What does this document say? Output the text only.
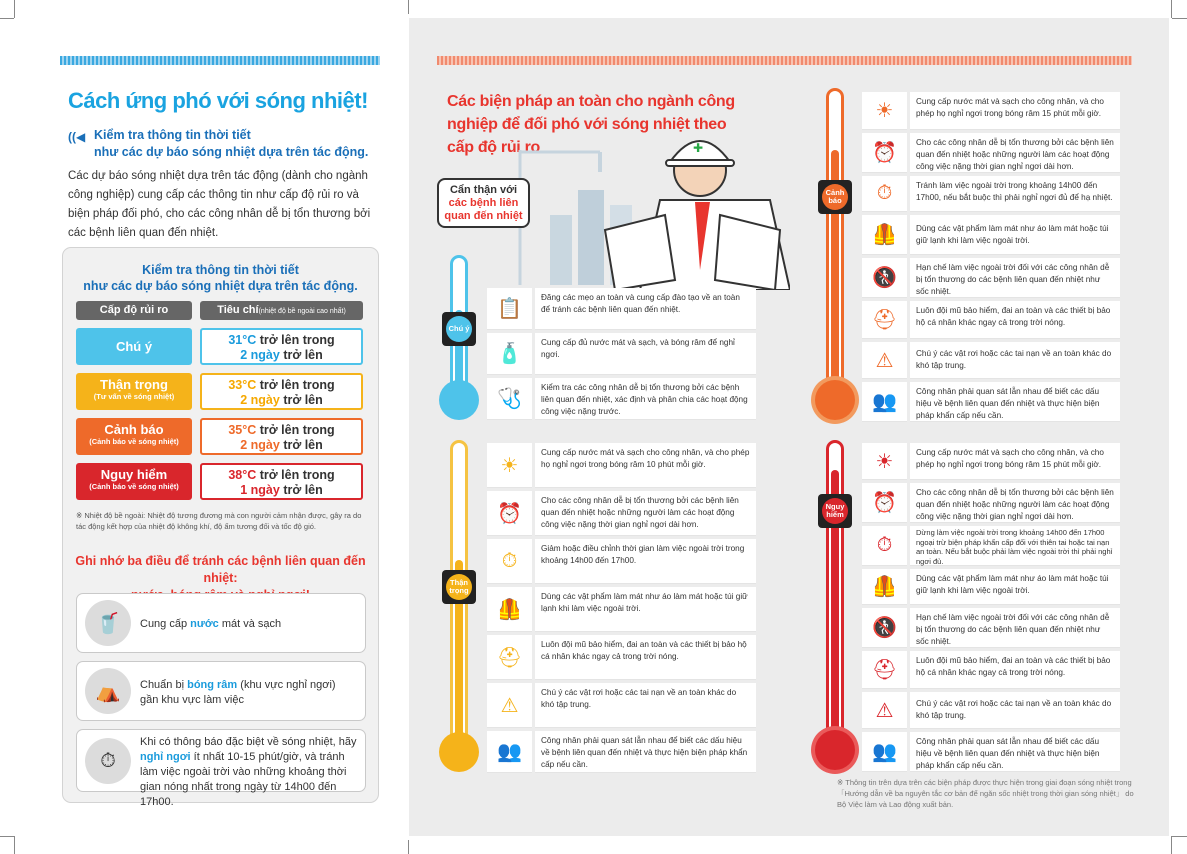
Cách ứng phó với sóng nhiệt!
((◀ Kiểm tra thông tin thời tiết
như các dự báo sóng nhiệt dựa trên tác động.
Các dự báo sóng nhiệt dựa trên tác động (dành cho ngành công nghiệp) cung cấp các thông tin như cấp độ rủi ro và biện pháp đối phó, cho các công nhân dễ bị tổn thương bởi các bệnh liên quan đến nhiệt.
Kiểm tra thông tin thời tiết
như các dự báo sóng nhiệt dựa trên tác động.
Cấp độ rủi ro	Tiêu chí(nhiệt độ bề ngoài cao nhất)
Chú ý	31°C trở lên trong
2 ngày trở lên
Thận trọng
(Tư vấn về sóng nhiệt)
33°C trở lên trong
2 ngày trở lên
Cảnh báo
(Cảnh báo về sóng nhiệt)
35°C trở lên trong
2 ngày trở lên
Nguy hiểm
(Cảnh báo về sóng nhiệt)
38°C trở lên trong
1 ngày trở lên
※ Nhiệt độ bề ngoài: Nhiệt độ tương đương mà con người cảm nhận được, gây ra do tác động kết hợp của nhiệt độ không khí, độ ẩm tương đối và tốc độ gió.
Ghi nhớ ba điều để tránh các bệnh liên quan đến nhiệt:
🥤	Cung cấp nước mát và sạch
⛺	Chuẩn bị bóng râm (khu vực nghỉ ngơi)
gần khu vực làm việc
⏱
Khi có thông báo đặc biệt về sóng nhiệt, hãy
nghỉ ngơi ít nhất 10-15 phút/giờ, và tránh làm việc ngoài trời vào những khoảng thời gian nóng nhất trong ngày từ 14h00 đến 17h00.
Các biện pháp an toàn cho ngành công nghiệp để đối phó với sóng nhiệt theo cấp độ rủi ro	✚
Cẩn thận với
các bệnh liên
quan đến nhiệt
Chú ý
Thận trọng
Cảnh báo
Nguy hiểm
📋
Đăng các mẹo an toàn và cung cấp đào tạo về an toàn để tránh các bệnh liên quan đến nhiệt.
🧴
Cung cấp đủ nước mát và sạch, và bóng râm để nghỉ ngơi.
🩺
Kiểm tra các công nhân dễ bị tổn thương bởi các bệnh liên quan đến nhiệt, xác định và phân chia các hoạt động công việc nặng trước.
☀
Cung cấp nước mát và sạch cho công nhân, và cho phép họ nghỉ ngơi trong bóng râm 10 phút mỗi giờ.
⏰
Cho các công nhân dễ bị tổn thương bởi các bệnh liên quan đến nhiệt hoặc những người làm các hoạt động công việc nặng thời gian nghỉ ngơi dài hơn.
⏱
Giảm hoặc điều chỉnh thời gian làm việc ngoài trời trong khoảng 14h00 đến 17h00.
🦺
Dùng các vật phẩm làm mát như áo làm mát hoặc túi giữ lạnh khi làm việc ngoài trời.
⛑
Luôn đội mũ bảo hiểm, đai an toàn và các thiết bị bảo hộ cá nhân khác ngay cả trong trời nóng.
⚠
Chú ý các vật rơi hoặc các tai nạn về an toàn khác do khó tập trung.
👥
Công nhân phải quan sát lẫn nhau để biết các dấu hiệu về bệnh liên quan đến nhiệt và thực hiện biện pháp khẩn cấp nếu cần.
☀	Cung cấp nước mát và sạch cho công nhân, và cho phép họ nghỉ ngơi trong bóng râm 15 phút mỗi giờ.
⏰	Cho các công nhân dễ bị tổn thương bởi các bệnh liên quan đến nhiệt hoặc những người làm các hoạt động công việc nặng thời gian nghỉ ngơi dài hơn.
⏱	Tránh làm việc ngoài trời trong khoảng 14h00 đến 17h00, nếu bắt buộc thì phải nghỉ ngơi đủ để hạ nhiệt.
🦺	Dùng các vật phẩm làm mát như áo làm mát hoặc túi giữ lạnh khi làm việc ngoài trời.
🚷	Hạn chế làm việc ngoài trời đối với các công nhân dễ bị tổn thương do các bệnh liên quan đến nhiệt như sốc nhiệt.
⛑	Luôn đội mũ bảo hiểm, đai an toàn và các thiết bị bảo hộ cá nhân khác ngay cả trong trời nóng.
⚠	Chú ý các vật rơi hoặc các tai nạn về an toàn khác do khó tập trung.
👥	Công nhân phải quan sát lẫn nhau để biết các dấu hiệu về bệnh liên quan đến nhiệt và thực hiện biện pháp khẩn cấp nếu cần.
☀	Cung cấp nước mát và sạch cho công nhân, và cho phép họ nghỉ ngơi trong bóng râm 15 phút mỗi giờ.
⏰	Cho các công nhân dễ bị tổn thương bởi các bệnh liên quan đến nhiệt hoặc những người làm các hoạt động công việc nặng thời gian nghỉ ngơi dài hơn.
⏱
Dừng làm việc ngoài trời trong khoảng 14h00 đến 17h00 ngoại trừ biện pháp khẩn cấp đối với thiên tai hoặc tai nạn an toàn. Nếu bắt buộc phải làm việc ngoài trời thì phải nghỉ ngơi đủ.
🦺	Dùng các vật phẩm làm mát như áo làm mát hoặc túi giữ lạnh khi làm việc ngoài trời.
🚷	Hạn chế làm việc ngoài trời đối với các công nhân dễ bị tổn thương do các bệnh liên quan đến nhiệt như sốc nhiệt.
⛑	Luôn đội mũ bảo hiểm, đai an toàn và các thiết bị bảo hộ cá nhân khác ngay cả trong trời nóng.
⚠	Chú ý các vật rơi hoặc các tai nạn về an toàn khác do khó tập trung.
👥	Công nhân phải quan sát lẫn nhau để biết các dấu hiệu về bệnh liên quan đến nhiệt và thực hiện biện pháp khẩn cấp nếu cần.
※ Thông tin trên dựa trên các biện pháp được thực hiện trong giai đoạn sóng nhiệt trong 「Hướng dẫn về ba nguyên tắc cơ bản để ngăn sốc nhiệt trong thời gian sóng nhiệt」 do Bộ Việc làm và Lao động xuất bản.
